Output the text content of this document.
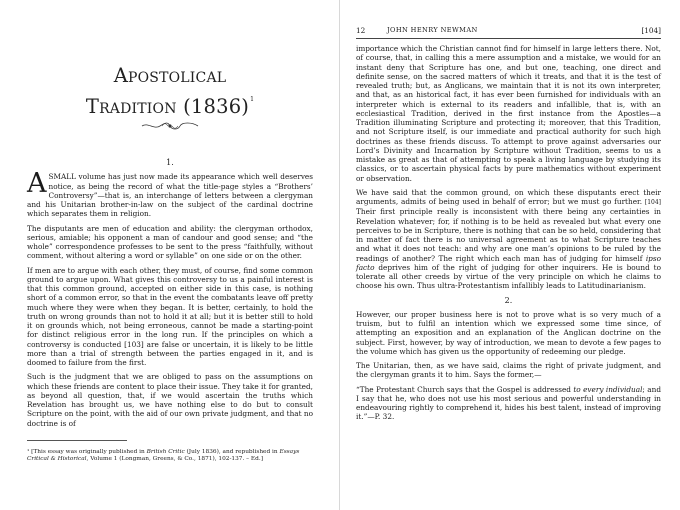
Apostolical
Tradition $(1836)^1$
1.

A SMALL volume has just now made its appearance which well deserves notice, as being the record of what the title-page styles a “Brothers’ Controversy”—that is, an interchange of letters between a clergyman and his Unitarian brother-in-law on the subject of the cardinal doctrine which separates them in religion.

The disputants are men of education and ability: the clergyman orthodox, serious, amiable; his opponent a man of candour and good sense; and “the whole” correspondence professes to be sent to the press “faithfully, without comment, without altering a word or syllable” on one side or on the other.

If men are to argue with each other, they must, of course, find some common ground to argue upon. What gives this controversy to us a painful interest is that this common ground, accepted on either side in this case, is nothing short of a common error, so that in the event the combatants leave off pretty much where they were when they began. It is better, certainly, to hold the truth on wrong grounds than not to hold it at all; but it is better still to hold it on grounds which, not being erroneous, cannot be made a starting-point for distinct religious error in the long run. If the principles on which a controversy is conducted [103] are false or uncertain, it is likely to be little more than a trial of strength between the parties engaged in it, and is doomed to failure from the first.

Such is the judgment that we are obliged to pass on the assumptions on which these friends are content to place their issue. They take it for granted, as beyond all question, that, if we would ascertain the truths which Revelation has brought us, we have nothing else to do but to consult Scripture on the point, with the aid of our own private judgment, and that no doctrine is of

¹ [This essay was originally published in British Critic (July 1836), and republished in Essays Critical & Historical, Volume 1 (Longman, Greens, & Co., 1871), 102-137. – Ed.]
12	JOHN HENRY NEWMAN	[104]

importance which the Christian cannot find for himself in large letters there. Not, of course, that, in calling this a mere assumption and a mistake, we would for an instant deny that Scripture has one, and but one, teaching, one direct and definite sense, on the sacred matters of which it treats, and that it is the test of revealed truth; but, as Anglicans, we maintain that it is not its own interpreter, and that, as an historical fact, it has ever been furnished for individuals with an interpreter which is external to its readers and infallible, that is, with an ecclesiastical Tradition, derived in the first instance from the Apostles—a Tradition illuminating Scripture and protecting it; moreover, that this Tradition, and not Scripture itself, is our immediate and practical authority for such high doctrines as these friends discuss. To attempt to prove against adversaries our Lord’s Divinity and Incarnation by Scripture without Tradition, seems to us a mistake as great as that of attempting to speak a living language by studying its classics, or to ascertain physical facts by pure mathematics without experiment or observation.

We have said that the common ground, on which these disputants erect their arguments, admits of being used in behalf of error; but we must go further. [104] Their first principle really is inconsistent with there being any certainties in Revelation whatever; for, if nothing is to be held as revealed but what every one perceives to be in Scripture, there is nothing that can be so held, considering that in matter of fact there is no universal agreement as to what Scripture teaches and what it does not teach: and why are one man’s opinions to be ruled by the readings of another? The right which each man has of judging for himself ipso facto deprives him of the right of judging for other inquirers. He is bound to tolerate all other creeds by virtue of the very principle on which he claims to choose his own. Thus ultra-Protestantism infallibly leads to Latitudinarianism.

2.

However, our proper business here is not to prove what is so very much of a truism, but to fulfil an intention which we expressed some time since, of attempting an exposition and an explanation of the Anglican doctrine on the subject. First, however, by way of introduction, we mean to devote a few pages to the volume which has given us the opportunity of redeeming our pledge.

The Unitarian, then, as we have said, claims the right of private judgment, and the clergyman grants it to him. Says the former,—

“The Protestant Church says that the Gospel is addressed to every individual; and I say that he, who does not use his most serious and powerful understanding in endeavouring rightly to comprehend it, hides his best talent, instead of improving it.”—P. 32.
